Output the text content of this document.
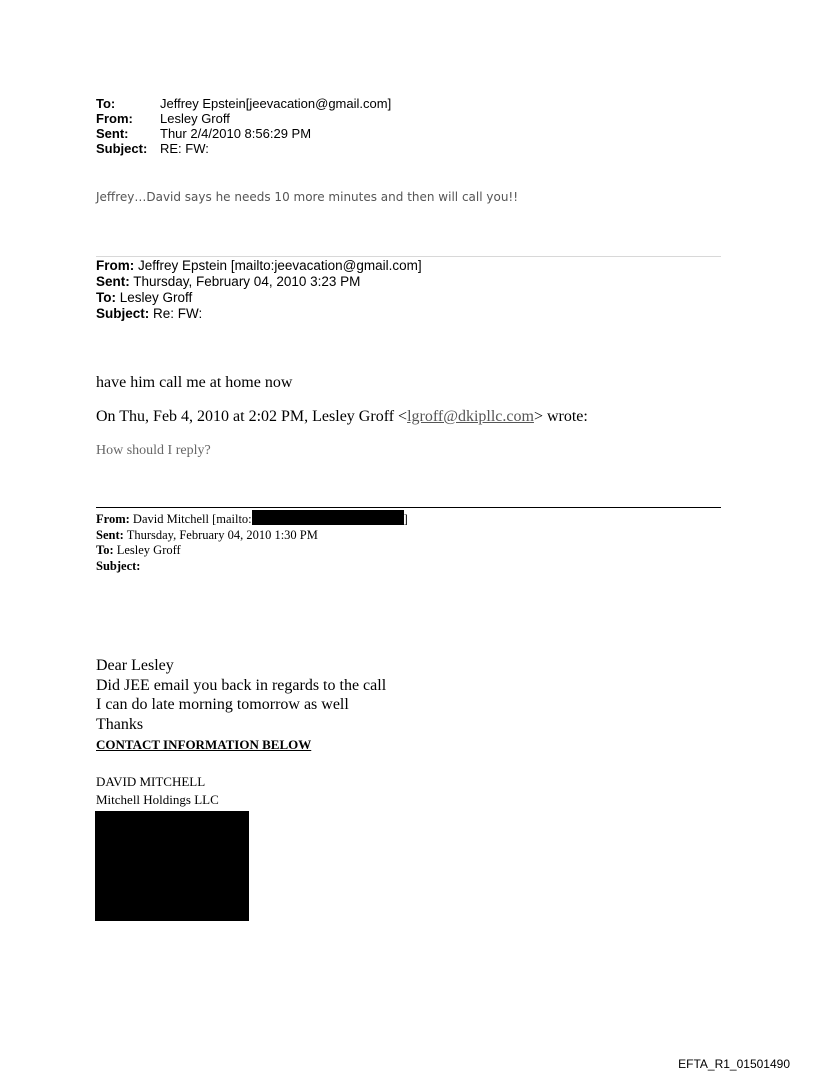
To:	Jeffrey Epstein[jeevacation@gmail.com]
From:	Lesley Groff
Sent:	Thur 2/4/2010 8:56:29 PM
Subject: RE: FW:
Jeffrey…David says he needs 10 more minutes and then will call you!!
From: Jeffrey Epstein [mailto:jeevacation@gmail.com]
Sent: Thursday, February 04, 2010 3:23 PM
To: Lesley Groff
Subject: Re: FW:
have him call me at home now
On Thu, Feb 4, 2010 at 2:02 PM, Lesley Groff <lgroff@dkipllc.com> wrote:
How should I reply?
From: David Mitchell [mailto:	]
Sent: Thursday, February 04, 2010 1:30 PM
To: Lesley Groff
Subject:
Dear Lesley
Did JEE email you back in regards to the call
I can do late morning tomorrow as well
Thanks
CONTACT INFORMATION BELOW
DAVID MITCHELL
Mitchell Holdings LLC
EFTA_R1_01501490
